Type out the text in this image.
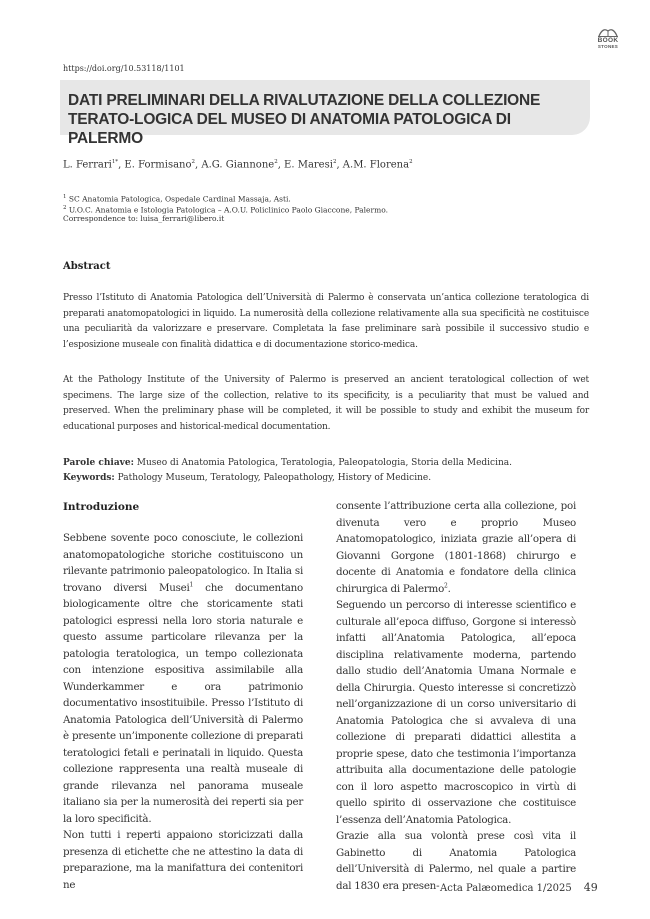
BOOK
STONES
https://doi.org/10.53118/1101
DATI PRELIMINARI DELLA RIVALUTAZIONE DELLA COLLEZIONE TERATO-LOGICA DEL MUSEO DI ANATOMIA PATOLOGICA DI PALERMO
L. Ferrari$^{1*}$, E. Formisano$^2$, A.G. Giannone$^2$, E. Maresi$^2$, A.M. Florena$^2$
$^1$ SC Anatomia Patologica, Ospedale Cardinal Massaja, Asti.
$^2$ U.O.C. Anatomia e Istologia Patologica – A.O.U. Policlinico Paolo Giaccone, Palermo.
Correspondence to: luisa_ferrari@libero.it
Abstract

Presso l’Istituto di Anatomia Patologica dell’Università di Palermo è conservata un’antica collezione teratologica di preparati anatomopatologici in liquido. La numerosità della collezione relativamente alla sua specificità ne costituisce una peculiarità da valorizzare e preservare. Completata la fase preliminare sarà possibile il successivo studio e l’esposizione museale con finalità didattica e di documentazione storico-medica.

At the Pathology Institute of the University of Palermo is preserved an ancient teratological collection of wet specimens. The large size of the collection, relative to its specificity, is a peculiarity that must be valued and preserved. When the preliminary phase will be completed, it will be possible to study and exhibit the museum for educational purposes and historical-medical documentation.

Parole chiave: Museo di Anatomia Patologica, Teratologia, Paleopatologia, Storia della Medicina.
Keywords: Pathology Museum, Teratology, Paleopathology, History of Medicine.
Introduzione

Sebbene sovente poco conosciute, le collezioni anatomopatologiche storiche costituiscono un rilevante patrimonio paleopatologico. In Italia si trovano diversi Musei$^1$ che documentano biologicamente oltre che storicamente stati patologici espressi nella loro storia naturale e questo assume particolare rilevanza per la patologia teratologica, un tempo collezionata con intenzione espositiva assimilabile alla Wunderkammer e ora patrimonio documentativo insostituibile. Presso l’Istituto di Anatomia Patologica dell’Università di Palermo è presente un’imponente collezione di preparati teratologici fetali e perinatali in liquido. Questa collezione rappresenta una realtà museale di grande rilevanza nel panorama museale italiano sia per la numerosità dei reperti sia per la loro specificità.
Non tutti i reperti appaiono storicizzati dalla presenza di etichette che ne attestino la data di preparazione, ma la manifattura dei contenitori ne

consente l’attribuzione certa alla collezione, poi divenuta vero e proprio Museo Anatomopatologico, iniziata grazie all’opera di Giovanni Gorgone (1801-1868) chirurgo e docente di Anatomia e fondatore della clinica chirurgica di Palermo$^2$.
Seguendo un percorso di interesse scientifico e culturale all’epoca diffuso, Gorgone si interessò infatti all’Anatomia Patologica, all’epoca disciplina relativamente moderna, partendo dallo studio dell’Anatomia Umana Normale e della Chirurgia. Questo interesse si concretizzò nell’organizzazione di un corso universitario di Anatomia Patologica che si avvaleva di una collezione di preparati didattici allestita a proprie spese, dato che testimonia l’importanza attribuita alla documentazione delle patologie con il loro aspetto macroscopico in virtù di quello spirito di osservazione che costituisce l’essenza dell’Anatomia Patologica.
Grazie alla sua volontà prese così vita il Gabinetto di Anatomia Patologica dell’Università di Palermo, nel quale a partire dal 1830 era presen- Acta Palæomedica 1/2025 49
